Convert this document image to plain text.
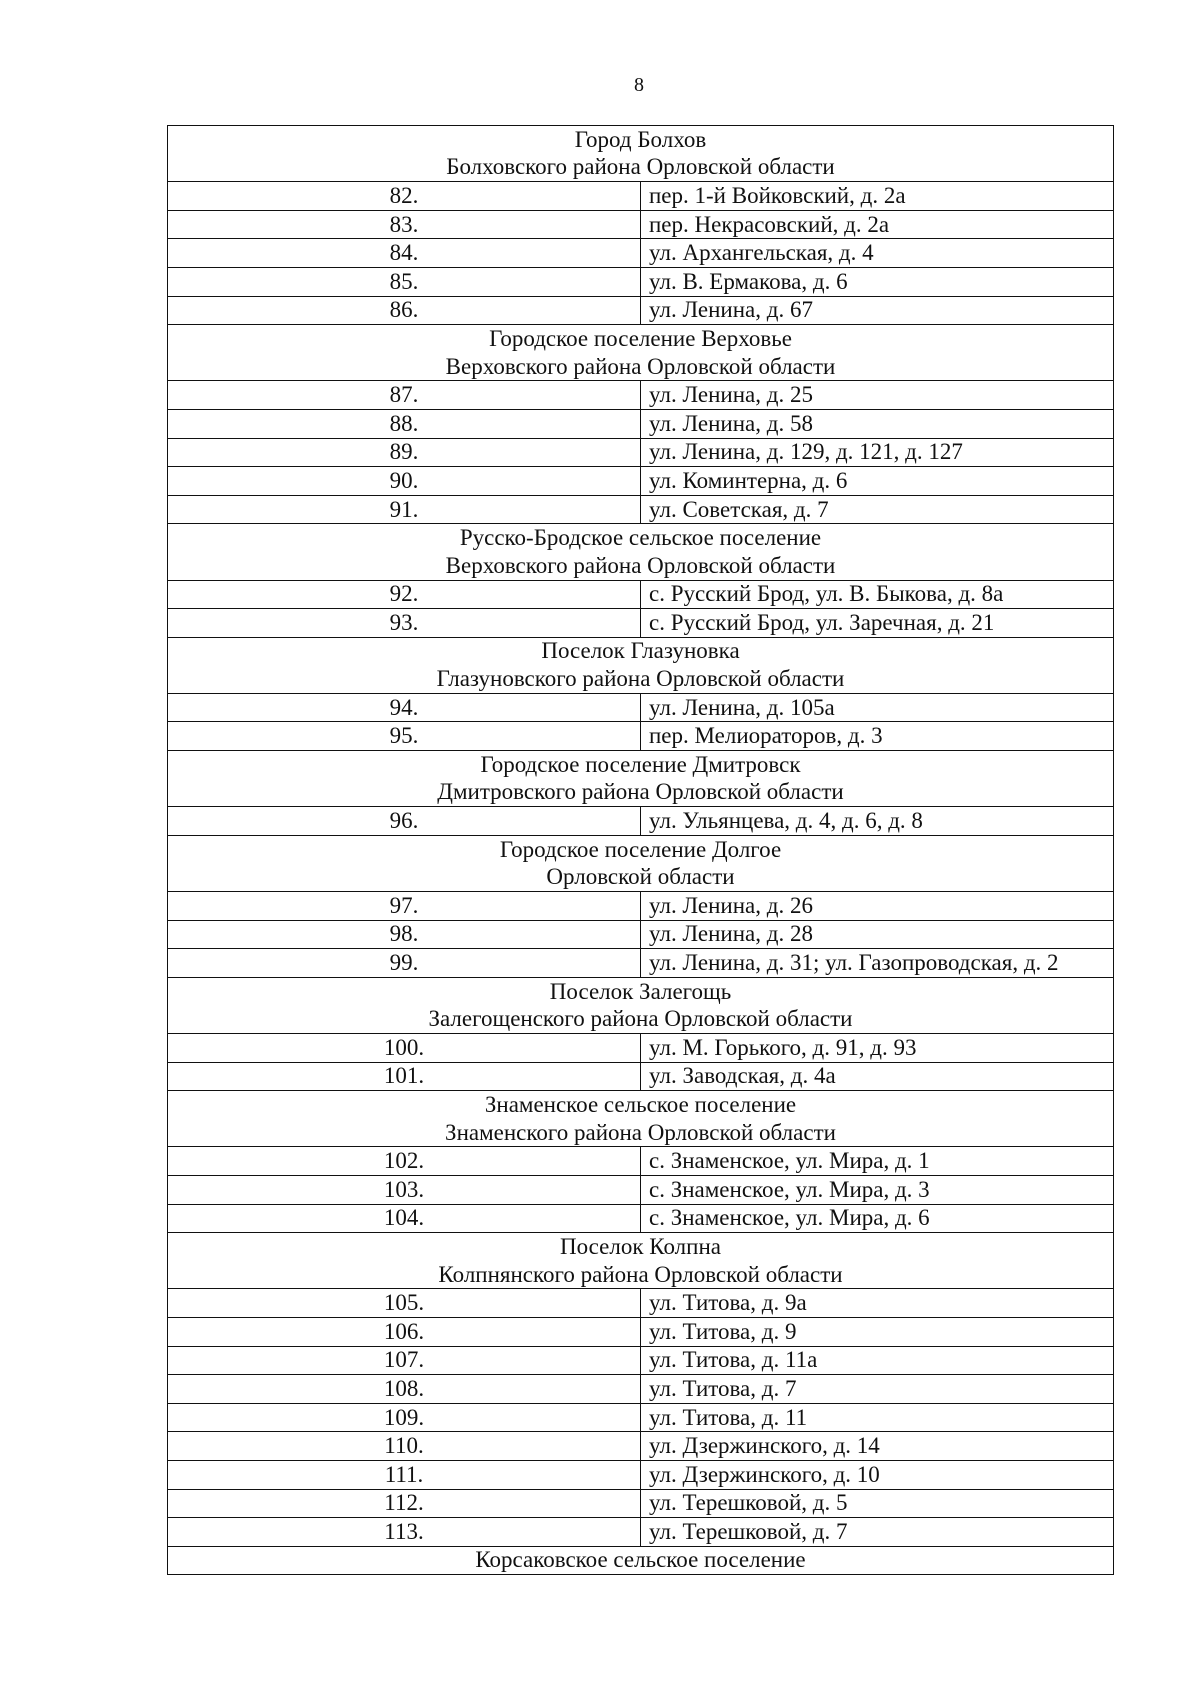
8
Город Болхов	
Болховского района Орловской области	
82.	пер. 1-й Войковский, д. 2а
83.	пер. Некрасовский, д. 2а
84.	ул. Архангельская, д. 4
85.	ул. В. Ермакова, д. 6
86.	ул. Ленина, д. 67
Городское поселение Верховье	
Верховского района Орловской области	
87.	ул. Ленина, д. 25
88.	ул. Ленина, д. 58
89.	ул. Ленина, д. 129, д. 121, д. 127
90.	ул. Коминтерна, д. 6
91.	ул. Советская, д. 7
Русско-Бродское сельское поселение	
Верховского района Орловской области	
92.	с. Русский Брод, ул. В. Быкова, д. 8а
93.	с. Русский Брод, ул. Заречная, д. 21
Поселок Глазуновка	
Глазуновского района Орловской области	
94.	ул. Ленина, д. 105а
95.	пер. Мелиораторов, д. 3
Городское поселение Дмитровск	
Дмитровского района Орловской области	
96.	ул. Ульянцева, д. 4, д. 6, д. 8
Городское поселение Долгое	
Орловской области	
97.	ул. Ленина, д. 26
98.	ул. Ленина, д. 28
99.	ул. Ленина, д. 31; ул. Газопроводская, д. 2
Поселок Залегощь	
Залегощенского района Орловской области	
100.	ул. М. Горького, д. 91, д. 93
101.	ул. Заводская, д. 4а
Знаменское сельское поселение	
Знаменского района Орловской области	
102.	с. Знаменское, ул. Мира, д. 1
103.	с. Знаменское, ул. Мира, д. 3
104.	с. Знаменское, ул. Мира, д. 6
Поселок Колпна	
Колпнянского района Орловской области	
105.	ул. Титова, д. 9а
106.	ул. Титова, д. 9
107.	ул. Титова, д. 11а
108.	ул. Титова, д. 7
109.	ул. Титова, д. 11
110.	ул. Дзержинского, д. 14
111.	ул. Дзержинского, д. 10
112.	ул. Терешковой, д. 5
113.	ул. Терешковой, д. 7
Корсаковское сельское поселение	
